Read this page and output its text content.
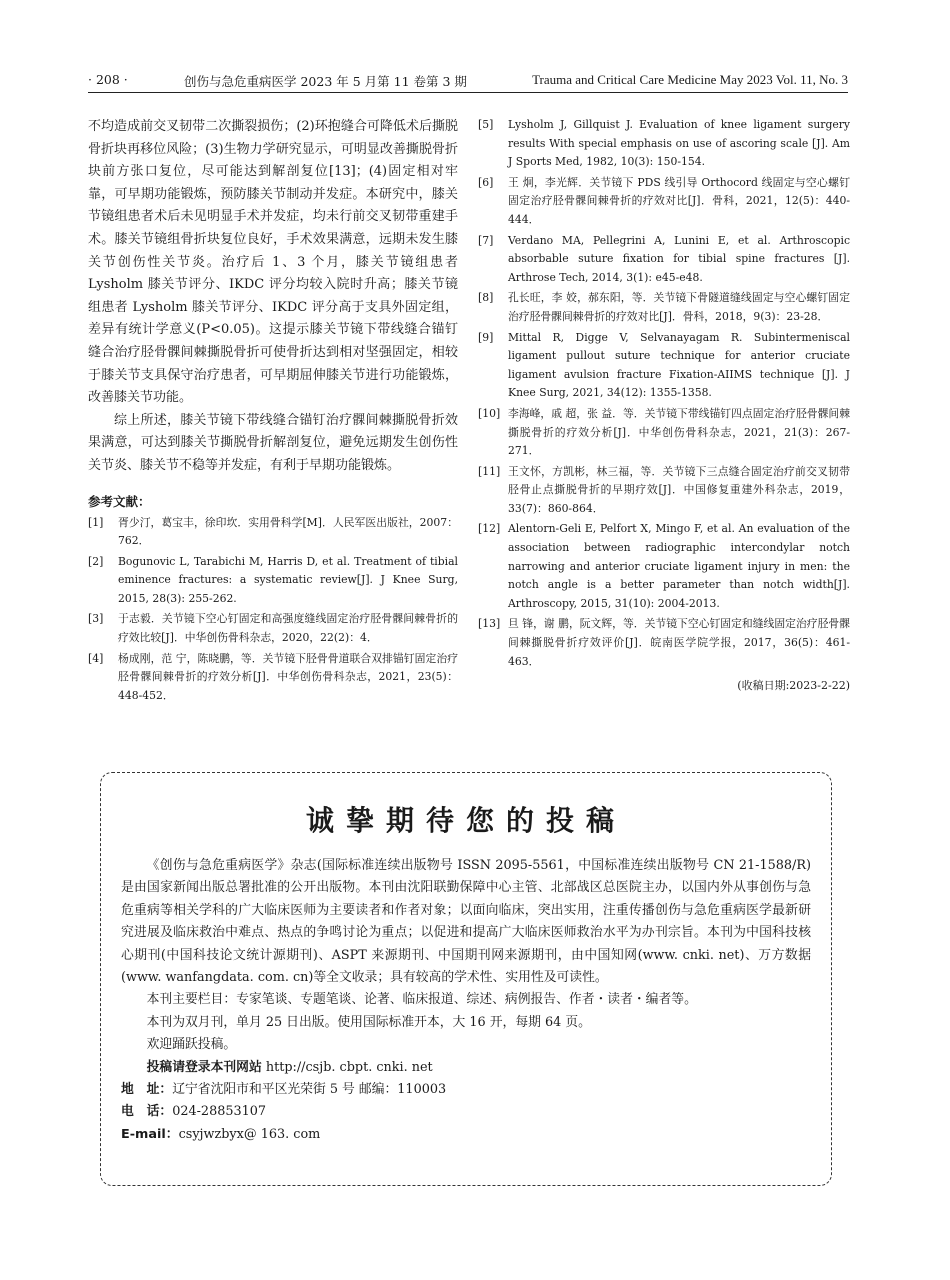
· 208 ·	创伤与急危重病医学 2023 年 5 月第 11 卷第 3 期	Trauma and Critical Care Medicine May 2023 Vol. 11, No. 3

不均造成前交叉韧带二次撕裂损伤；(2)环抱缝合可降低术后撕脱骨折块再移位风险；(3)生物力学研究显示，可明显改善撕脱骨折块前方张口复位，尽可能达到解剖复位[13]；(4)固定相对牢靠，可早期功能锻炼，预防膝关节制动并发症。本研究中，膝关节镜组患者术后未见明显手术并发症，均未行前交叉韧带重建手术。膝关节镜组骨折块复位良好，手术效果满意，远期未发生膝关节创伤性关节炎。治疗后 1、3 个月，膝关节镜组患者 Lysholm 膝关节评分、IKDC 评分均较入院时升高；膝关节镜组患者 Lysholm 膝关节评分、IKDC 评分高于支具外固定组，差异有统计学意义(P<0.05)。这提示膝关节镜下带线缝合锚钉缝合治疗胫骨髁间棘撕脱骨折可使骨折达到相对坚强固定，相较于膝关节支具保守治疗患者，可早期屈伸膝关节进行功能锻炼，改善膝关节功能。

综上所述，膝关节镜下带线缝合锚钉治疗髁间棘撕脱骨折效果满意，可达到膝关节撕脱骨折解剖复位，避免远期发生创伤性关节炎、膝关节不稳等并发症，有利于早期功能锻炼。

参考文献：
[1]	胥少汀，葛宝丰，徐印坎．实用骨科学[M]．人民军医出版社，2007：762．
[2]	Bogunovic L, Tarabichi M, Harris D, et al. Treatment of tibial eminence fractures: a systematic review[J]. J Knee Surg, 2015, 28(3): 255-262.
[3]	于志毅．关节镜下空心钉固定和高强度缝线固定治疗胫骨髁间棘骨折的疗效比较[J]．中华创伤骨科杂志，2020，22(2)：4．
[4]	杨成刚，范 宁，陈晓鹏，等．关节镜下胫骨骨道联合双排锚钉固定治疗胫骨髁间棘骨折的疗效分析[J]．中华创伤骨科杂志，2021，23(5)：448-452．
[5]	Lysholm J, Gillquist J. Evaluation of knee ligament surgery results With special emphasis on use of ascoring scale [J]. Am J Sports Med, 1982, 10(3): 150-154.
[6]	王 炯，李光辉．关节镜下 PDS 线引导 Orthocord 线固定与空心螺钉固定治疗胫骨髁间棘骨折的疗效对比[J]．骨科，2021，12(5)：440-444．
[7]	Verdano MA, Pellegrini A, Lunini E, et al. Arthroscopic absorbable suture fixation for tibial spine fractures [J]. Arthrose Tech, 2014, 3(1): e45-e48.
[8]	孔长旺，李 姣，郝东阳，等．关节镜下骨隧道缝线固定与空心螺钉固定治疗胫骨髁间棘骨折的疗效对比[J]．骨科，2018，9(3)：23-28．
[9]	Mittal R, Digge V, Selvanayagam R. Subintermeniscal ligament pullout suture technique for anterior cruciate ligament avulsion fracture Fixation-AIIMS technique [J]. J Knee Surg, 2021, 34(12): 1355-1358.
[10] 李海峰，戚 超，张 益．等．关节镜下带线锚钉四点固定治疗胫骨髁间棘撕脱骨折的疗效分析[J]．中华创伤骨科杂志，2021，21(3)：267-271．
[11] 王文怀，方凯彬，林三福，等．关节镜下三点缝合固定治疗前交叉韧带胫骨止点撕脱骨折的早期疗效[J]．中国修复重建外科杂志，2019，33(7)：860-864．
[12] Alentorn-Geli E, Pelfort X, Mingo F, et al. An evaluation of the association between radiographic intercondylar notch narrowing and anterior cruciate ligament injury in men: the notch angle is a better parameter than notch width[J]. Arthroscopy, 2015, 31(10): 2004-2013.
[13] 旦 锋，谢 鹏，阮文辉，等．关节镜下空心钉固定和缝线固定治疗胫骨髁间棘撕脱骨折疗效评价[J]．皖南医学院学报，2017，36(5)：461-463．
(收稿日期:2023-2-22)
诚挚期待您的投稿

《创伤与急危重病医学》杂志(国际标准连续出版物号 ISSN 2095-5561，中国标准连续出版物号 CN 21-1588/R)是由国家新闻出版总署批准的公开出版物。本刊由沈阳联勤保障中心主管、北部战区总医院主办，以国内外从事创伤与急危重病等相关学科的广大临床医师为主要读者和作者对象；以面向临床，突出实用，注重传播创伤与急危重病医学最新研究进展及临床救治中难点、热点的争鸣讨论为重点；以促进和提高广大临床医师救治水平为办刊宗旨。本刊为中国科技核心期刊(中国科技论文统计源期刊)、ASPT 来源期刊、中国期刊网来源期刊，由中国知网(www. cnki. net)、万方数据(www. wanfangdata. com. cn)等全文收录；具有较高的学术性、实用性及可读性。

本刊主要栏目：专家笔谈、专题笔谈、论著、临床报道、综述、病例报告、作者・读者・编者等。

本刊为双月刊，单月 25 日出版。使用国际标准开本，大 16 开，每期 64 页。

欢迎踊跃投稿。

投稿请登录本刊网站 http://csjb. cbpt. cnki. net

地　址：辽宁省沈阳市和平区光荣街 5 号 邮编：110003

电　话：024-28853107

E-mail：csyjwzbyx@ 163. com
